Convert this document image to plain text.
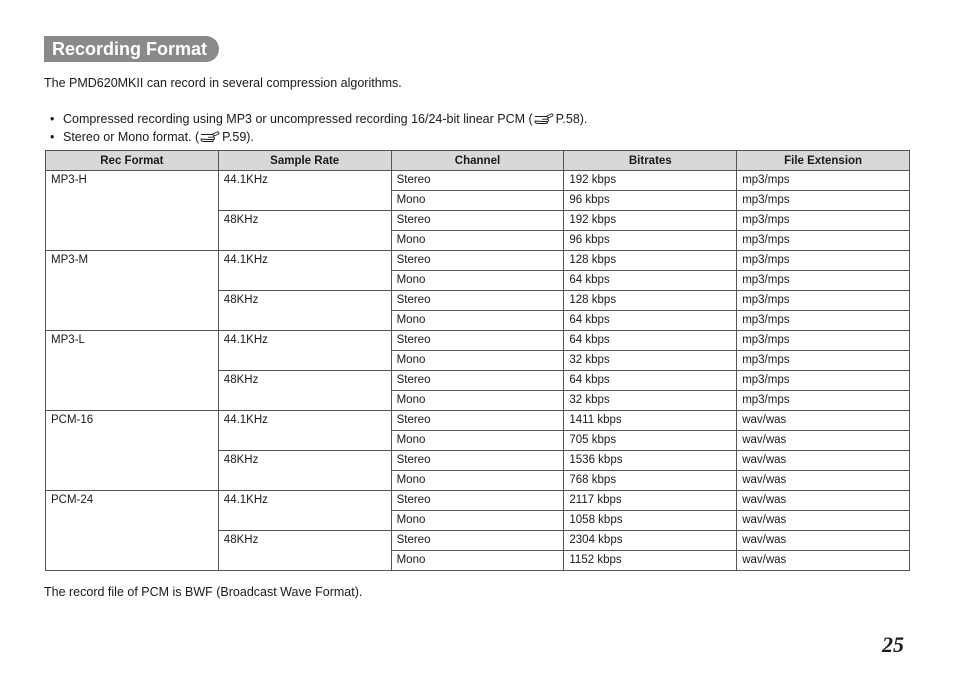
Recording Format
The PMD620MKII can record in several compression algorithms.
• Compressed recording using MP3 or uncompressed recording 16/24-bit linear PCM ( P.58).
• Stereo or Mono format. ( P.59).
Rec Format	Sample Rate	Channel	Bitrates	File Extension
MP3-H	44.1KHz	Stereo	192 kbps	mp3/mps
		Mono	96 kbps	mp3/mps
	48KHz	Stereo	192 kbps	mp3/mps
		Mono	96 kbps	mp3/mps
MP3-M	44.1KHz	Stereo	128 kbps	mp3/mps
		Mono	64 kbps	mp3/mps
	48KHz	Stereo	128 kbps	mp3/mps
		Mono	64 kbps	mp3/mps
MP3-L	44.1KHz	Stereo	64 kbps	mp3/mps
		Mono	32 kbps	mp3/mps
	48KHz	Stereo	64 kbps	mp3/mps
		Mono	32 kbps	mp3/mps
PCM-16	44.1KHz	Stereo	1411 kbps	wav/was
		Mono	705 kbps	wav/was
	48KHz	Stereo	1536 kbps	wav/was
		Mono	768 kbps	wav/was
PCM-24	44.1KHz	Stereo	2117 kbps	wav/was
		Mono	1058 kbps	wav/was
	48KHz	Stereo	2304 kbps	wav/was
		Mono	1152 kbps	wav/was
The record file of PCM is BWF (Broadcast Wave Format).
25
